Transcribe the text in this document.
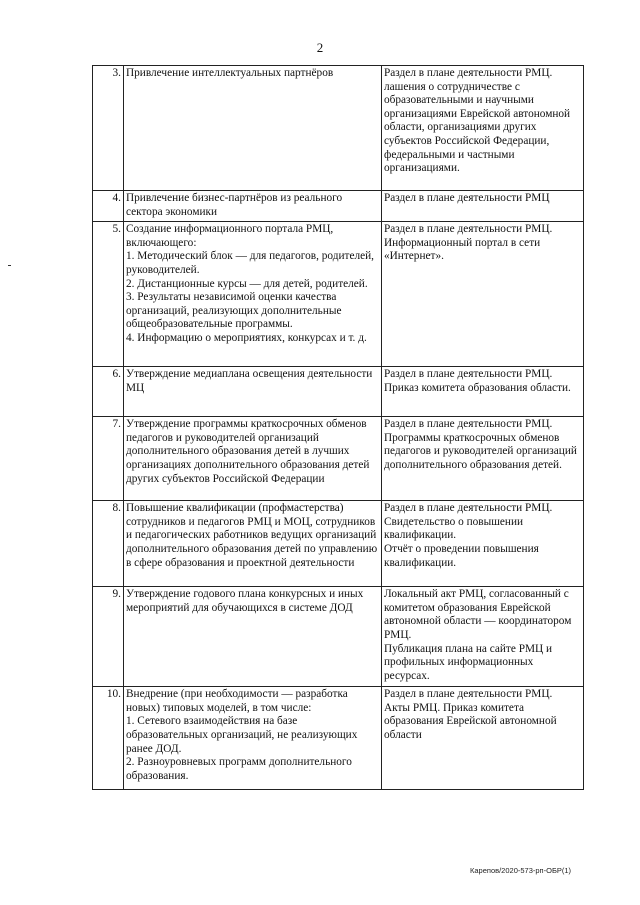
2
3.	Привлечение интеллектуальных партнёров	Раздел в плане деятельности РМЦ. лашения о сотрудничестве с образовательными и научными организациями Еврейской автономной области, организациями других субъектов Российской Федерации, федеральными и частными организациями.

4.	Привлечение бизнес-партнёров из реального сектора экономики	Раздел в плане деятельности РМЦ

5.	Создание информационного портала РМЦ, включающего:
1. Методический блок — для педагогов, родителей, руководителей.
2. Дистанционные курсы — для детей, родителей.
3. Результаты независимой оценки качества организаций, реализующих дополнительные общеобразовательные программы.
4. Информацию о мероприятиях, конкурсах и т. д.	Раздел в плане деятельности РМЦ. Информационный портал в сети «Интернет».

6.	Утверждение медиаплана освещения деятельности МЦ	Раздел в плане деятельности РМЦ. Приказ комитета образования области.

7.	Утверждение программы краткосрочных обменов педагогов и руководителей организаций дополнительного образования детей в лучших организациях дополнительного образования детей других субъектов Российской Федерации	Раздел в плане деятельности РМЦ. Программы краткосрочных обменов педагогов и руководителей организаций дополнительного образования детей.

8.	Повышение квалификации (профмастерства) сотрудников и педагогов РМЦ и МОЦ, сотрудников и педагогических работников ведущих организаций дополнительного образования детей по управлению в сфере образования и проектной деятельности	Раздел в плане деятельности РМЦ. Свидетельство о повышении квалификации.
Отчёт о проведении повышения квалификации.

9.	Утверждение годового плана конкурсных и иных мероприятий для обучающихся в системе ДОД	Локальный акт РМЦ, согласованный с комитетом образования Еврейской автономной области — координатором РМЦ.
Публикация плана на сайте РМЦ и профильных информационных ресурсах.

10.	Внедрение (при необходимости — разработка новых) типовых моделей, в том числе:
1. Сетевого взаимодействия на базе образовательных организаций, не реализующих ранее ДОД.
2. Разноуровневых программ дополнительного образования.	Раздел в плане деятельности РМЦ. Акты РМЦ. Приказ комитета образования Еврейской автономной области
Карепов/2020-573-рп-ОБР(1)
